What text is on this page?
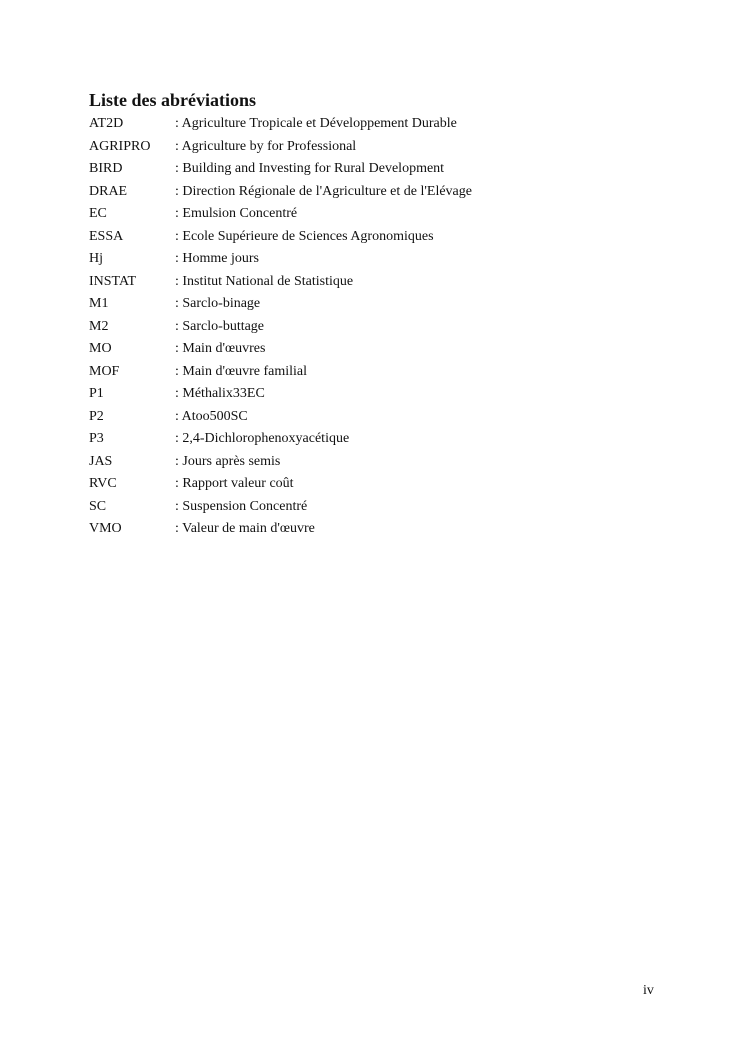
Liste des abréviations
AT2D	: Agriculture Tropicale et Développement Durable
AGRIPRO	: Agriculture by for Professional
BIRD	: Building and Investing for Rural Development
DRAE	: Direction Régionale de l'Agriculture et de l'Elévage
EC	: Emulsion Concentré
ESSA	: Ecole Supérieure de Sciences Agronomiques
Hj	: Homme jours
INSTAT	: Institut National de Statistique
M1	: Sarclo-binage
M2	: Sarclo-buttage
MO	: Main d'œuvres
MOF	: Main d'œuvre familial
P1	: Méthalix33EC
P2	: Atoo500SC
P3	: 2,4-Dichlorophenoxyacétique
JAS	: Jours après semis
RVC	: Rapport valeur coût
SC	: Suspension Concentré
VMO	: Valeur de main d'œuvre
iv
